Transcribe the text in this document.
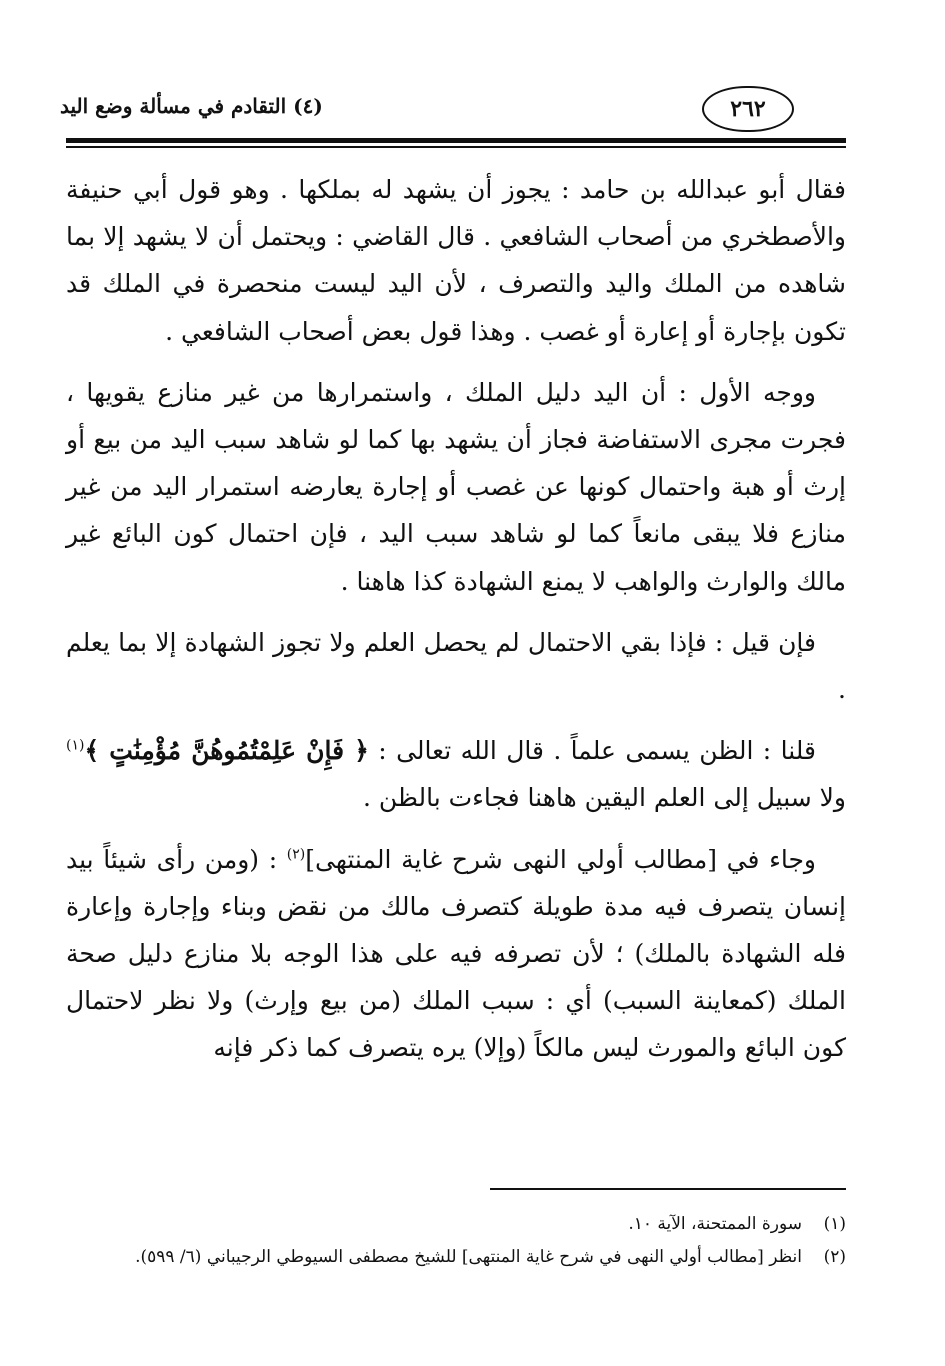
٢٦٢
(٤) التقادم في مسألة وضع اليد

فقال أبو عبدالله بن حامد : يجوز أن يشهد له بملكها . وهو قول أبي حنيفة والأصطخري من أصحاب الشافعي . قال القاضي : ويحتمل أن لا يشهد إلا بما شاهده من الملك واليد والتصرف ، لأن اليد ليست منحصرة في الملك قد تكون بإجارة أو إعارة أو غصب . وهذا قول بعض أصحاب الشافعي .

ووجه الأول : أن اليد دليل الملك ، واستمرارها من غير منازع يقويها ، فجرت مجرى الاستفاضة فجاز أن يشهد بها كما لو شاهد سبب اليد من بيع أو إرث أو هبة واحتمال كونها عن غصب أو إجارة يعارضه استمرار اليد من غير منازع فلا يبقى مانعاً كما لو شاهد سبب اليد ، فإن احتمال كون البائع غير مالك والوارث والواهب لا يمنع الشهادة كذا هاهنا .

فإن قيل : فإذا بقي الاحتمال لم يحصل العلم ولا تجوز الشهادة إلا بما يعلم .

قلنا : الظن يسمى علماً . قال الله تعالى : ﴿ فَإِنْ عَلِمْتُمُوهُنَّ مُؤْمِنَٰتٍ ﴾$^{(١)}$ ولا سبيل إلى العلم اليقين هاهنا فجاءت بالظن .

وجاء في [مطالب أولي النهى شرح غاية المنتهى]$^{(٢)}$ : (ومن رأى شيئاً بيد إنسان يتصرف فيه مدة طويلة كتصرف مالك من نقض وبناء وإجارة وإعارة فله الشهادة بالملك) ؛ لأن تصرفه فيه على هذا الوجه بلا منازع دليل صحة الملك (كمعاينة السبب) أي : سبب الملك (من بيع وإرث) ولا نظر لاحتمال كون البائع والمورث ليس مالكاً (وإلا) يره يتصرف كما ذكر فإنه

(١)
سورة الممتحنة، الآية ١٠.
(٢)
انظر [مطالب أولي النهى في شرح غاية المنتهى] للشيخ مصطفى السيوطي الرجيباني (٦/ ٥٩٩).
